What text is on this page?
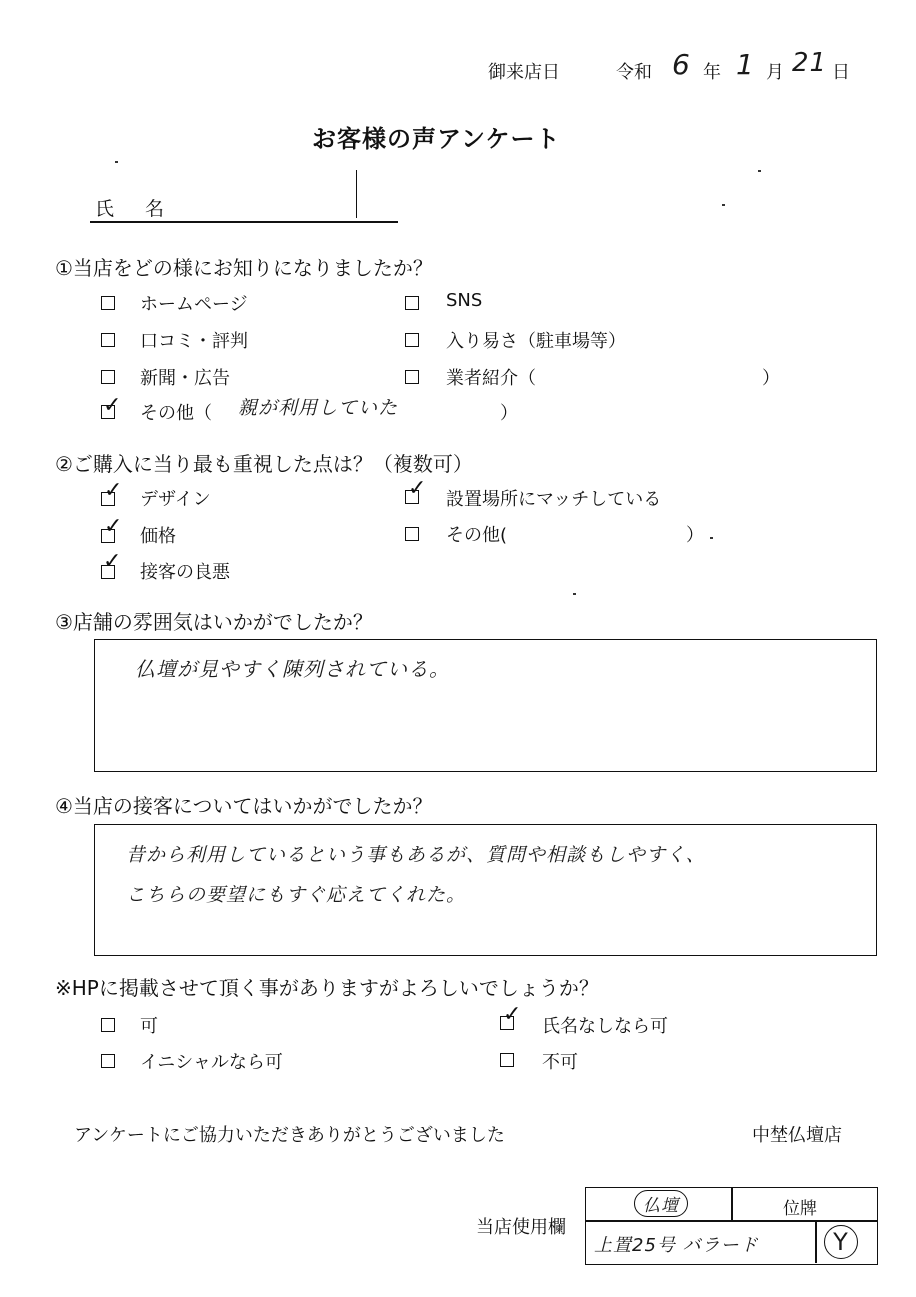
御来店日	令和 6 年 1 月 21 日
お客様の声アンケート
氏　名
①当店をどの様にお知りになりましたか？
ホームページ	SNS
口コミ・評判	入り易さ（駐車場等）
新聞・広告	業者紹介（	）
✓ その他（ 親が利用していた	）
②ご購入に当り最も重視した点は？（複数可）
✓ デザイン	✓ 設置場所にマッチしている
✓ 価格	その他(	）
✓ 接客の良悪
③店舗の雰囲気はいかがでしたか？
仏壇が見やすく陳列されている。
④当店の接客についてはいかがでしたか？
昔から利用しているという事もあるが、質問や相談もしやすく、
こちらの要望にもすぐ応えてくれた。
※HPに掲載させて頂く事がありますがよろしいでしょうか？
可	✓ 氏名なしなら可
イニシャルなら可	不可
アンケートにご協力いただきありがとうございました	中埜仏壇店
当店使用欄
仏壇	位牌
上置25号 バラード	Y
